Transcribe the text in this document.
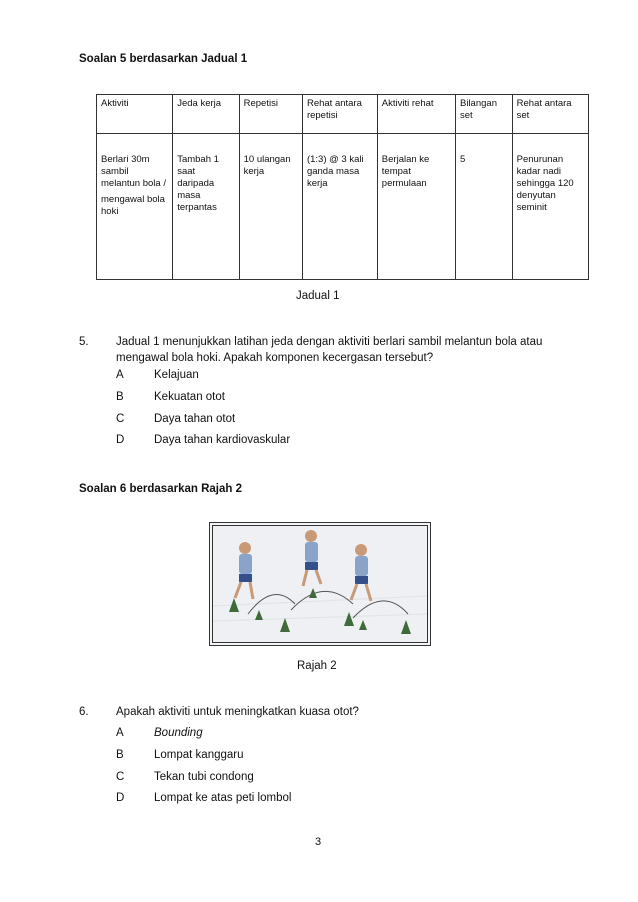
Soalan 5 berdasarkan Jadual 1
Aktiviti	Jeda kerja	Repetisi	Rehat antara repetisi	Aktiviti rehat	Bilangan set	Rehat antara set

Berlari 30m sambil melantun bola /
mengawal bola hoki	Tambah 1 saat daripada masa terpantas	10 ulangan kerja	(1:3) @ 3 kali ganda masa kerja	Berjalan ke tempat permulaan	5	Penurunan kadar nadi sehingga 120 denyutan seminit
Jadual 1
5. Jadual 1 menunjukkan latihan jeda dengan aktiviti berlari sambil melantun bola atau
mengawal bola hoki. Apakah komponen kecergasan tersebut?
A	Kelajuan
B	Kekuatan otot
C	Daya tahan otot
D	Daya tahan kardiovaskular
Soalan 6 berdasarkan Rajah 2
Rajah 2
6. Apakah aktiviti untuk meningkatkan kuasa otot?
A	Bounding
B	Lompat kanggaru
C	Tekan tubi condong
D	Lompat ke atas peti lombol
3
